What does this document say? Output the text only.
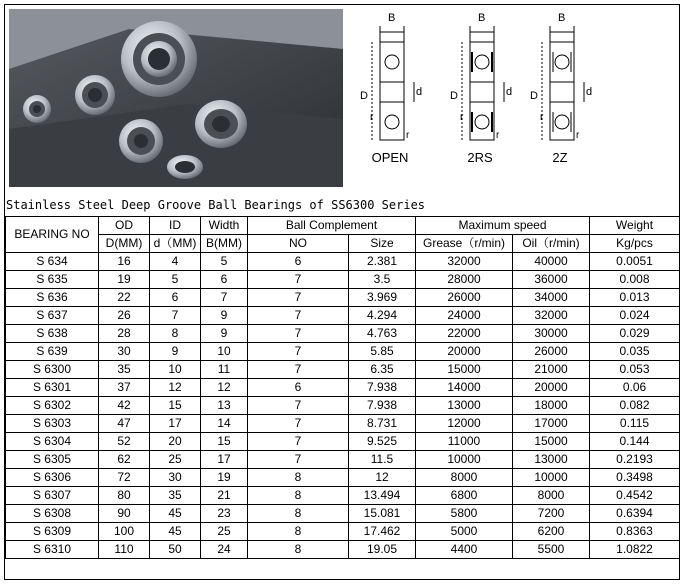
B
D	d
r
r
B
D	d
r
r
B
D	d
r
r
OPEN	2RS	2Z
Stainless Steel Deep Groove Ball Bearings of SS6300 Series
BEARING NO	OD	ID	Width	Ball Complement		Maximum speed		Weight
	D(MM)	d（MM)	B(MM)	NO	Size	Grease（r/min)	Oil（r/min)	Kg/pcs
S 634	16	4	5	6	2.381	32000	40000	0.0051
S 635	19	5	6	7	3.5	28000	36000	0.008
S 636	22	6	7	7	3.969	26000	34000	0.013
S 637	26	7	9	7	4.294	24000	32000	0.024
S 638	28	8	9	7	4.763	22000	30000	0.029
S 639	30	9	10	7	5.85	20000	26000	0.035
S 6300	35	10	11	7	6.35	15000	21000	0.053
S 6301	37	12	12	6	7.938	14000	20000	0.06
S 6302	42	15	13	7	7.938	13000	18000	0.082
S 6303	47	17	14	7	8.731	12000	17000	0.115
S 6304	52	20	15	7	9.525	11000	15000	0.144
S 6305	62	25	17	7	11.5	10000	13000	0.2193
S 6306	72	30	19	8	12	8000	10000	0.3498
S 6307	80	35	21	8	13.494	6800	8000	0.4542
S 6308	90	45	23	8	15.081	5800	7200	0.6394
S 6309	100	45	25	8	17.462	5000	6200	0.8363
S 6310	110	50	24	8	19.05	4400	5500	1.0822
